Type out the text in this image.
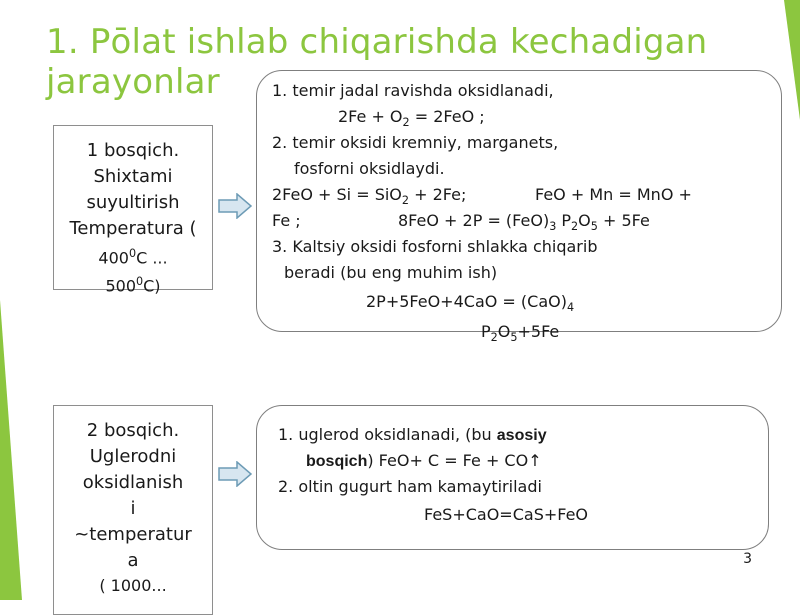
1. Pōlat ishlab chiqarishda kechadigan
jarayonlar
1 bosqich.
Shixtami
suyultirish
Temperatura (
$400^0C$ ...
$500^0C$)
1. temir jadal ravishda oksidlanadi,
$2Fe + O_2 = 2FeO$ ;
2. temir oksidi kremniy, marganets,
fosforni oksidlaydi.
2FeO + Si = SiO$_2$ + 2Fe;	FeO + Mn = MnO +
Fe ;	$8FeO + 2P = (FeO)_3$ $P_2O_5 + 5Fe$
3. Kaltsiy oksidi fosforni shlakka chiqarib
beradi (bu eng muhim ish)
$2P+5FeO+4CaO = (CaO)_4$
$P_2O_5+5Fe$
2 bosqich.
Uglerodni
oksidlanish
i
~temperatur
a
( 1000...
1. uglerod oksidlanadi, (bu asosiy
bosqich) FeO+ C = Fe + CO↑
2. oltin gugurt ham kamaytiriladi
FeS+CaO=CaS+FeO
3
